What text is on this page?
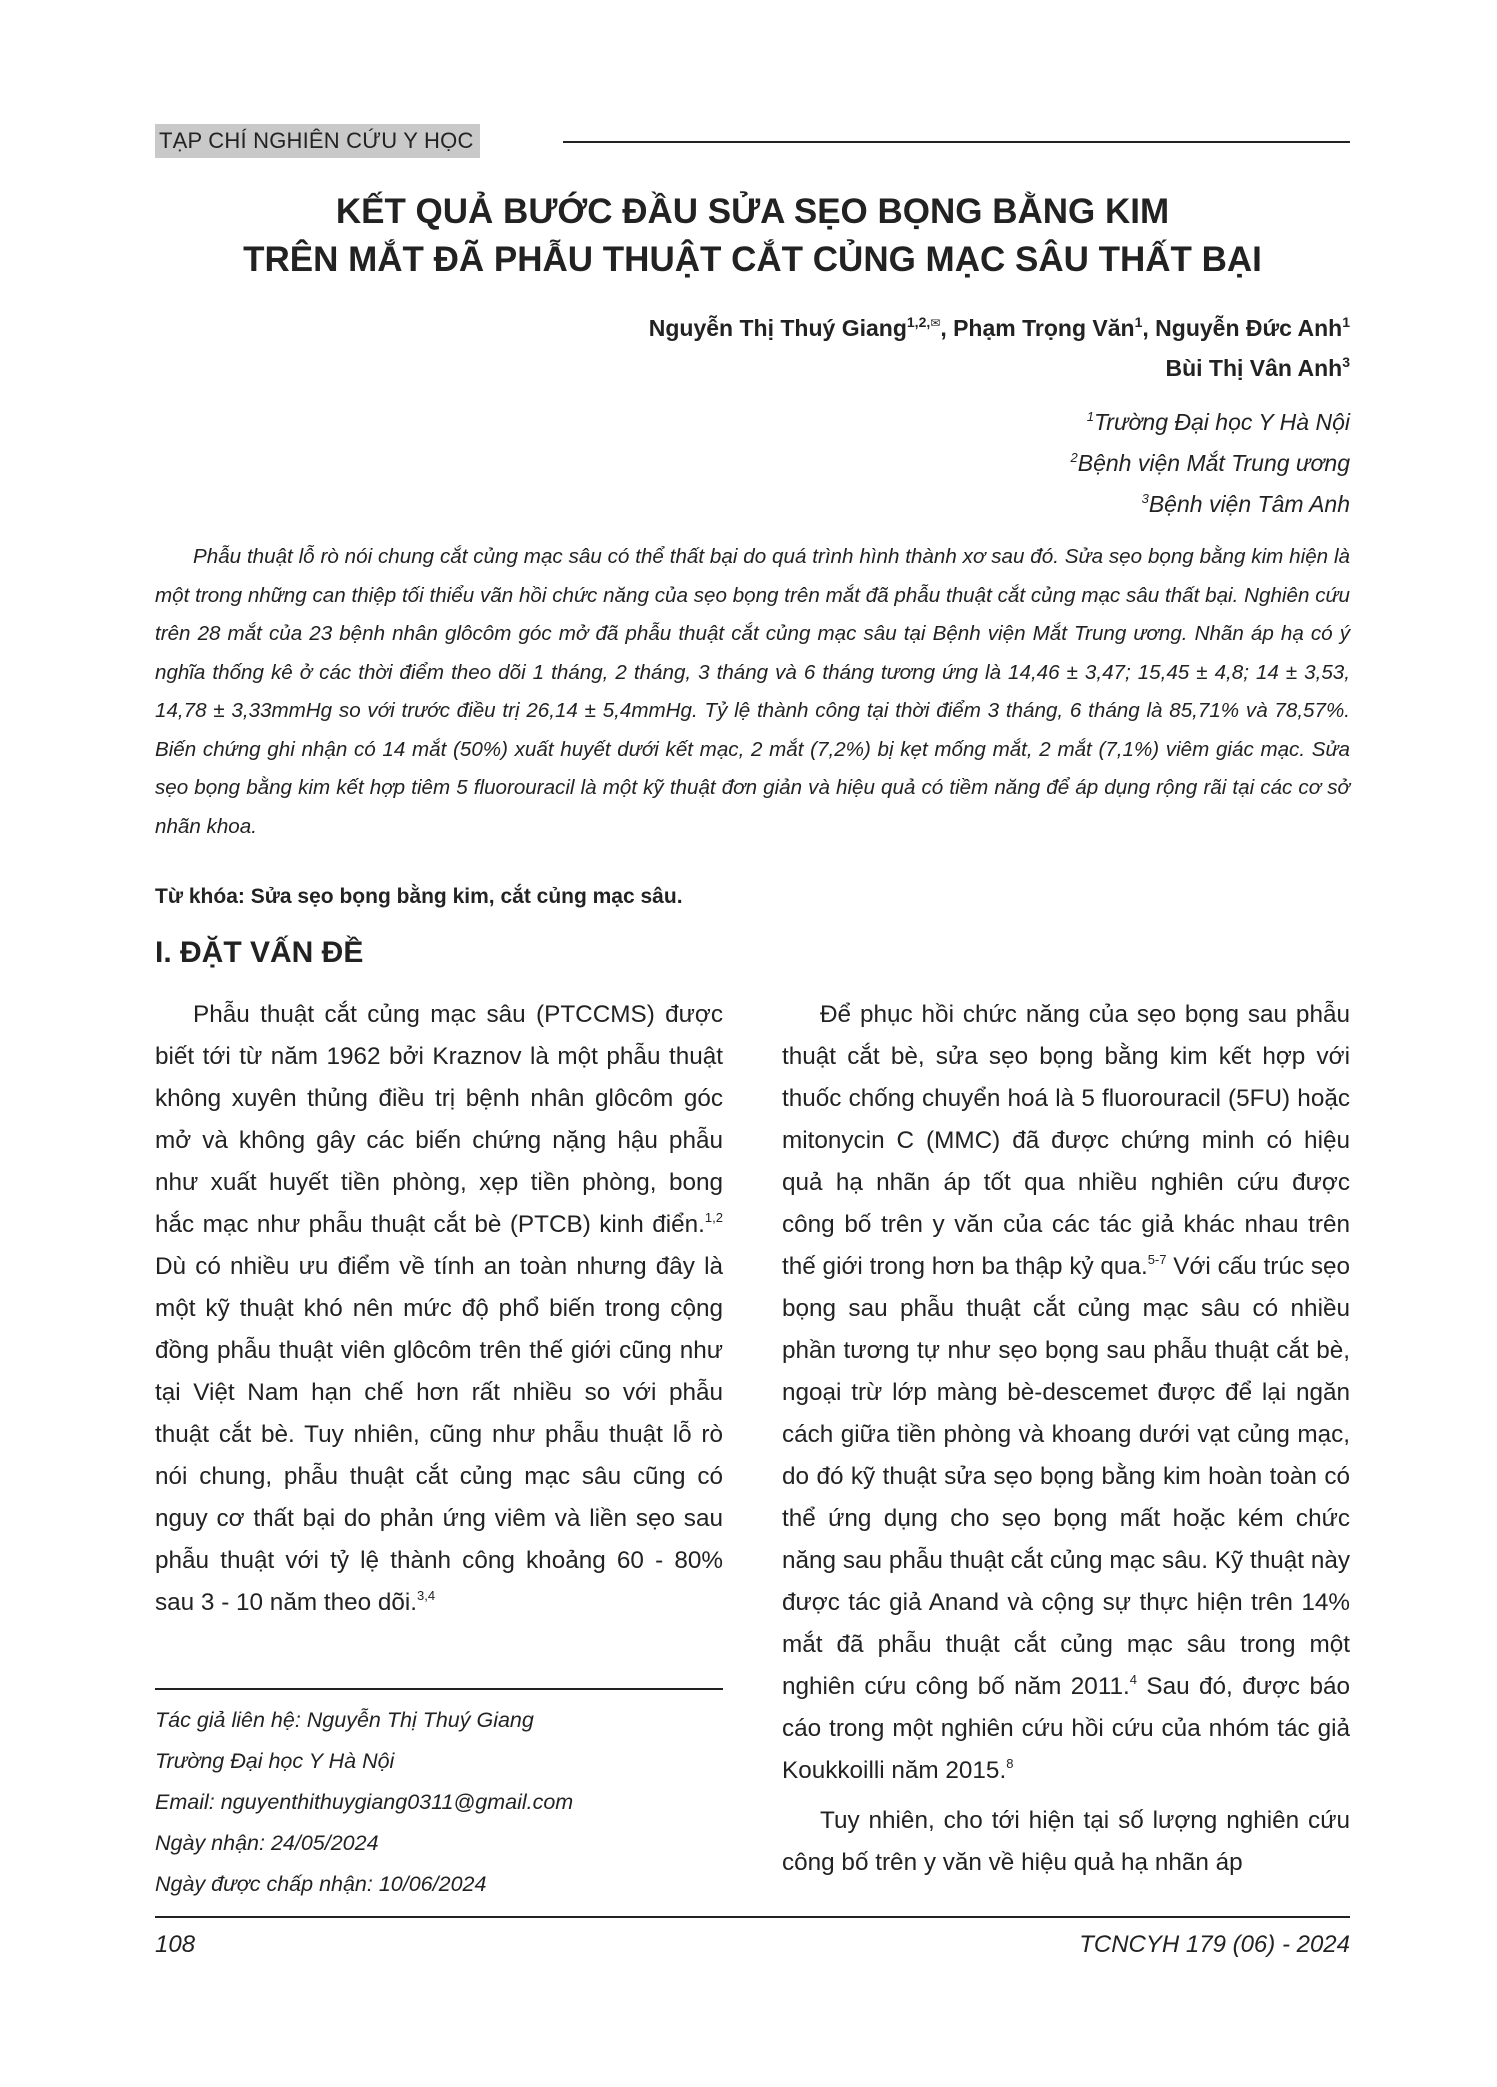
TẠP CHÍ NGHIÊN CỨU Y HỌC
KẾT QUẢ BƯỚC ĐẦU SỬA SẸO BỌNG BẰNG KIM
TRÊN MẮT ĐÃ PHẪU THUẬT CẮT CỦNG MẠC SÂU THẤT BẠI
Nguyễn Thị Thuý Giang$^{1,2,✉}$, Phạm Trọng Văn$^1$, Nguyễn Đức Anh$^1$
Bùi Thị Vân Anh$^3$
$^1$Trường Đại học Y Hà Nội
$^2$Bệnh viện Mắt Trung ương
$^3$Bệnh viện Tâm Anh
Phẫu thuật lỗ rò nói chung cắt củng mạc sâu có thể thất bại do quá trình hình thành xơ sau đó. Sửa sẹo bọng bằng kim hiện là một trong những can thiệp tối thiểu vãn hồi chức năng của sẹo bọng trên mắt đã phẫu thuật cắt củng mạc sâu thất bại. Nghiên cứu trên 28 mắt của 23 bệnh nhân glôcôm góc mở đã phẫu thuật cắt củng mạc sâu tại Bệnh viện Mắt Trung ương. Nhãn áp hạ có ý nghĩa thống kê ở các thời điểm theo dõi 1 tháng, 2 tháng, 3 tháng và 6 tháng tương ứng là 14,46 ± 3,47; 15,45 ± 4,8; 14 ± 3,53, 14,78 ± 3,33mmHg so với trước điều trị 26,14 ± 5,4mmHg. Tỷ lệ thành công tại thời điểm 3 tháng, 6 tháng là 85,71% và 78,57%. Biến chứng ghi nhận có 14 mắt (50%) xuất huyết dưới kết mạc, 2 mắt (7,2%) bị kẹt mống mắt, 2 mắt (7,1%) viêm giác mạc. Sửa sẹo bọng bằng kim kết hợp tiêm 5 fluorouracil là một kỹ thuật đơn giản và hiệu quả có tiềm năng để áp dụng rộng rãi tại các cơ sở nhãn khoa.
Từ khóa: Sửa sẹo bọng bằng kim, cắt củng mạc sâu.
I. ĐẶT VẤN ĐỀ

Phẫu thuật cắt củng mạc sâu (PTCCMS) được biết tới từ năm 1962 bởi Kraznov là một phẫu thuật không xuyên thủng điều trị bệnh nhân glôcôm góc mở và không gây các biến chứng nặng hậu phẫu như xuất huyết tiền phòng, xẹp tiền phòng, bong hắc mạc như phẫu thuật cắt bè (PTCB) kinh điển.$^{1,2}$ Dù có nhiều ưu điểm về tính an toàn nhưng đây là một kỹ thuật khó nên mức độ phổ biến trong cộng đồng phẫu thuật viên glôcôm trên thế giới cũng như tại Việt Nam hạn chế hơn rất nhiều so với phẫu thuật cắt bè. Tuy nhiên, cũng như phẫu thuật lỗ rò nói chung, phẫu thuật cắt củng mạc sâu cũng có nguy cơ thất bại do phản ứng viêm và liền sẹo sau phẫu thuật với tỷ lệ thành công khoảng 60 - 80% sau 3 - 10 năm theo dõi.$^{3,4}$

Tác giả liên hệ: Nguyễn Thị Thuý Giang
Trường Đại học Y Hà Nội
Email: nguyenthithuygiang0311@gmail.com
Ngày nhận: 24/05/2024
Ngày được chấp nhận: 10/06/2024

Để phục hồi chức năng của sẹo bọng sau phẫu thuật cắt bè, sửa sẹo bọng bằng kim kết hợp với thuốc chống chuyển hoá là 5 fluorouracil (5FU) hoặc mitonycin C (MMC) đã được chứng minh có hiệu quả hạ nhãn áp tốt qua nhiều nghiên cứu được công bố trên y văn của các tác giả khác nhau trên thế giới trong hơn ba thập kỷ qua.$^{5-7}$ Với cấu trúc sẹo bọng sau phẫu thuật cắt củng mạc sâu có nhiều phần tương tự như sẹo bọng sau phẫu thuật cắt bè, ngoại trừ lớp màng bè-descemet được để lại ngăn cách giữa tiền phòng và khoang dưới vạt củng mạc, do đó kỹ thuật sửa sẹo bọng bằng kim hoàn toàn có thể ứng dụng cho sẹo bọng mất hoặc kém chức năng sau phẫu thuật cắt củng mạc sâu. Kỹ thuật này được tác giả Anand và cộng sự thực hiện trên 14% mắt đã phẫu thuật cắt củng mạc sâu trong một nghiên cứu công bố năm 2011.$^4$ Sau đó, được báo cáo trong một nghiên cứu hồi cứu của nhóm tác giả Koukkoilli năm 2015.$^8$

Tuy nhiên, cho tới hiện tại số lượng nghiên cứu công bố trên y văn về hiệu quả hạ nhãn áp

108	TCNCYH 179 (06) - 2024
